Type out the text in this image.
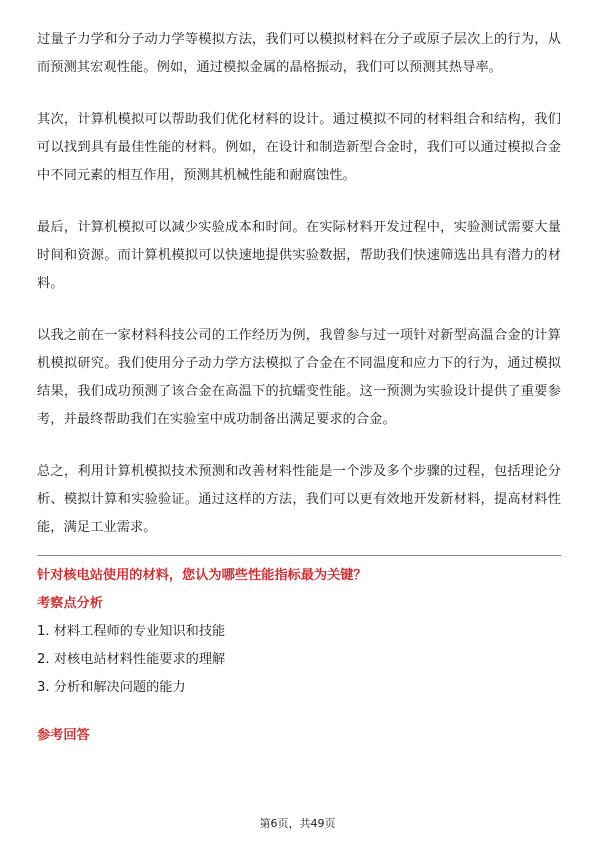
过量子力学和分子动力学等模拟方法，我们可以模拟材料在分子或原子层次上的行为，从而预测其宏观性能。例如，通过模拟金属的晶格振动，我们可以预测其热导率。

其次，计算机模拟可以帮助我们优化材料的设计。通过模拟不同的材料组合和结构，我们可以找到具有最佳性能的材料。例如，在设计和制造新型合金时，我们可以通过模拟合金中不同元素的相互作用，预测其机械性能和耐腐蚀性。

最后，计算机模拟可以减少实验成本和时间。在实际材料开发过程中，实验测试需要大量时间和资源。而计算机模拟可以快速地提供实验数据，帮助我们快速筛选出具有潜力的材料。

以我之前在一家材料科技公司的工作经历为例，我曾参与过一项针对新型高温合金的计算机模拟研究。我们使用分子动力学方法模拟了合金在不同温度和应力下的行为，通过模拟结果，我们成功预测了该合金在高温下的抗蠕变性能。这一预测为实验设计提供了重要参考，并最终帮助我们在实验室中成功制备出满足要求的合金。

总之，利用计算机模拟技术预测和改善材料性能是一个涉及多个步骤的过程，包括理论分析、模拟计算和实验验证。通过这样的方法，我们可以更有效地开发新材料，提高材料性能，满足工业需求。

针对核电站使用的材料，您认为哪些性能指标最为关键？

考察点分析

1. 材料工程师的专业知识和技能
2. 对核电站材料性能要求的理解
3. 分析和解决问题的能力

参考回答

第6页，共49页
